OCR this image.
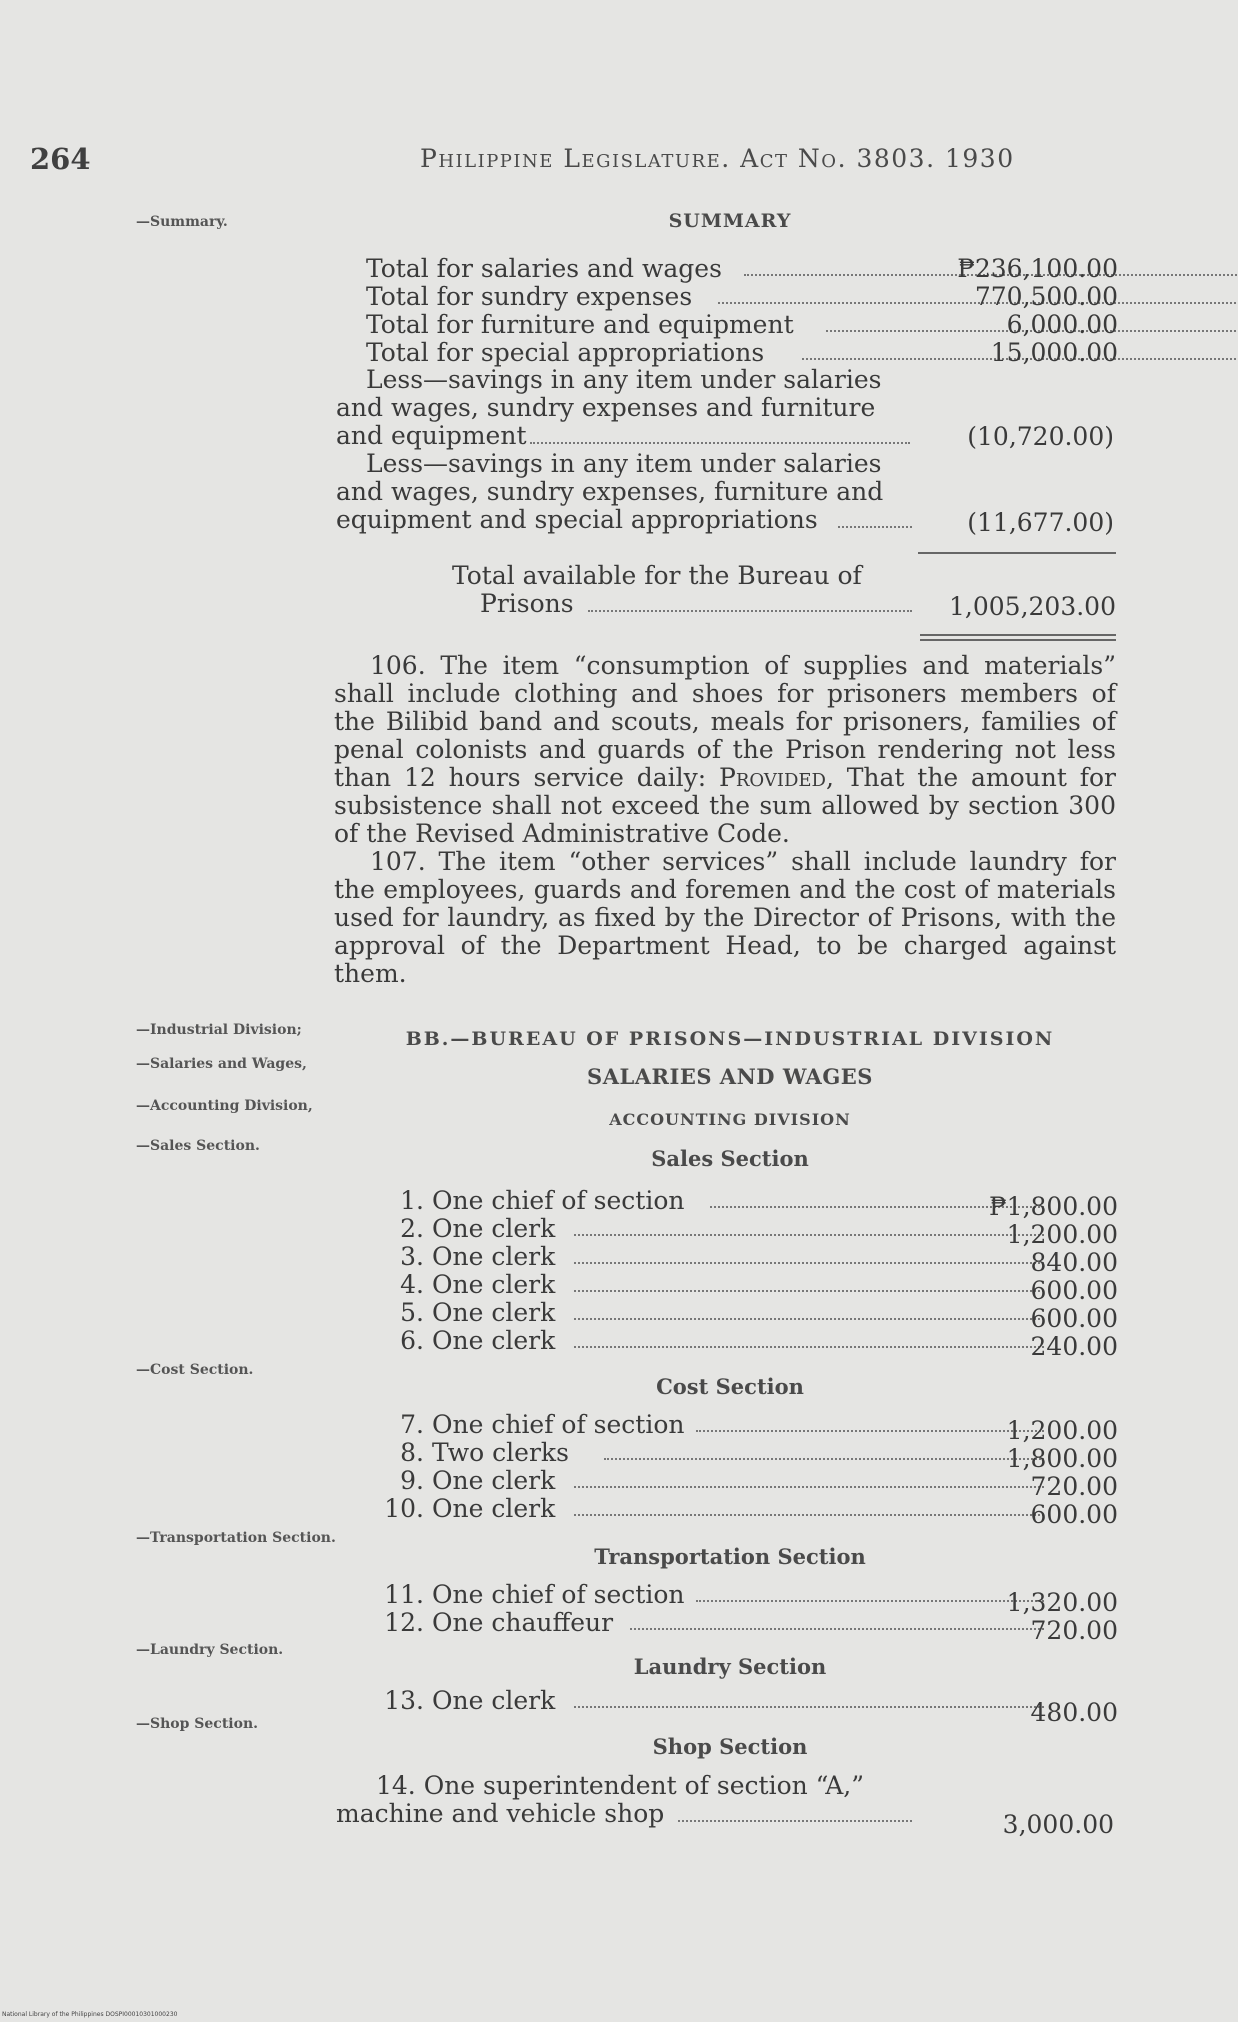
264	Philippine Legislature. Act No. 3803. 1930
—Summary.
—Industrial Division;
—Salaries and Wages,
—Accounting Division,
—Sales Section.
—Cost Section.
—Transportation Section.
—Laundry Section.
—Shop Section.
SUMMARY
Total for salaries and wages	₱236,100.00
Total for sundry expenses	770,500.00
Total for furniture and equipment	6,000.00
Total for special appropriations	15,000.00
Less—savings in any item under salaries
and wages, sundry expenses and furniture
and equipment	(10,720.00)
Less—savings in any item under salaries
and wages, sundry expenses, furniture and
equipment and special appropriations	(11,677.00)
Total available for the Bureau of
Prisons	1,005,203.00

106. The item “consumption of supplies and materials” shall include clothing and shoes for prisoners members of the Bilibid band and scouts, meals for prisoners, families of penal colonists and guards of the Prison rendering not less than 12 hours service daily: Provided, That the amount for subsistence shall not exceed the sum allowed by section 300 of the Revised Administrative Code.

107. The item “other services” shall include laundry for the employees, guards and foremen and the cost of materials used for laundry, as fixed by the Director of Prisons, with the approval of the Department Head, to be charged against them.

BB.—BUREAU OF PRISONS—INDUSTRIAL DIVISION
SALARIES AND WAGES
ACCOUNTING DIVISION
Sales Section
1. One chief of section	₱1,800.00
2. One clerk	1,200.00
3. One clerk	840.00
4. One clerk	600.00
5. One clerk	600.00
6. One clerk	240.00
Cost Section
7. One chief of section	1,200.00
8. Two clerks	1,800.00
9. One clerk	720.00
10. One clerk	600.00
Transportation Section
11. One chief of section	1,320.00
12. One chauffeur	720.00
Laundry Section
13. One clerk	480.00
Shop Section
14. One superintendent of section “A,”
machine and vehicle shop	3,000.00
National Library of the Philippines DOSPI00010301000230
